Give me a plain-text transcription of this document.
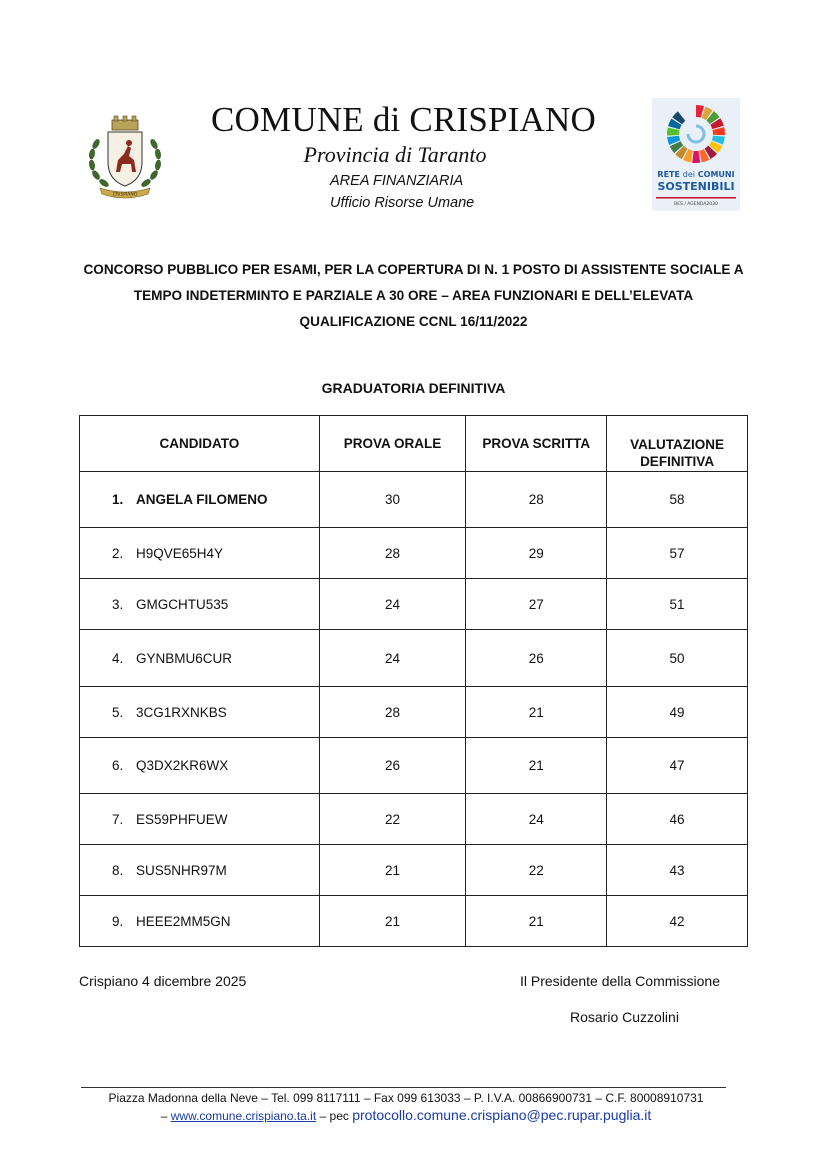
CRISPIANO
COMUNE di CRISPIANO
Provincia di Taranto
AREA FINANZIARIA
Ufficio Risorse Umane
RETE dei COMUNI
SOSTENIBILI
BES / AGENDA2030
CONCORSO PUBBLICO PER ESAMI, PER LA COPERTURA DI N. 1 POSTO DI ASSISTENTE SOCIALE A
TEMPO INDETERMINTO E PARZIALE A 30 ORE – AREA FUNZIONARI E DELL’ELEVATA
QUALIFICAZIONE CCNL 16/11/2022
GRADUATORIA DEFINITIVA
CANDIDATO	PROVA ORALE	PROVA SCRITTA	VALUTAZIONE DEFINITIVA
1. ANGELA FILOMENO	30	28	58
2. H9QVE65H4Y	28	29	57
3. GMGCHTU535	24	27	51
4. GYNBMU6CUR	24	26	50
5. 3CG1RXNKBS	28	21	49
6. Q3DX2KR6WX	26	21	47
7. ES59PHFUEW	22	24	46
8. SUS5NHR97M	21	22	43
9. HEEE2MM5GN	21	21	42
Crispiano 4 dicembre 2025	Il Presidente della Commissione
Rosario Cuzzolini
Piazza Madonna della Neve – Tel. 099 8117111 – Fax 099 613033 – P. I.V.A. 00866900731 – C.F. 80008910731
– www.comune.crispiano.ta.it – pec protocollo.comune.crispiano@pec.rupar.puglia.it
